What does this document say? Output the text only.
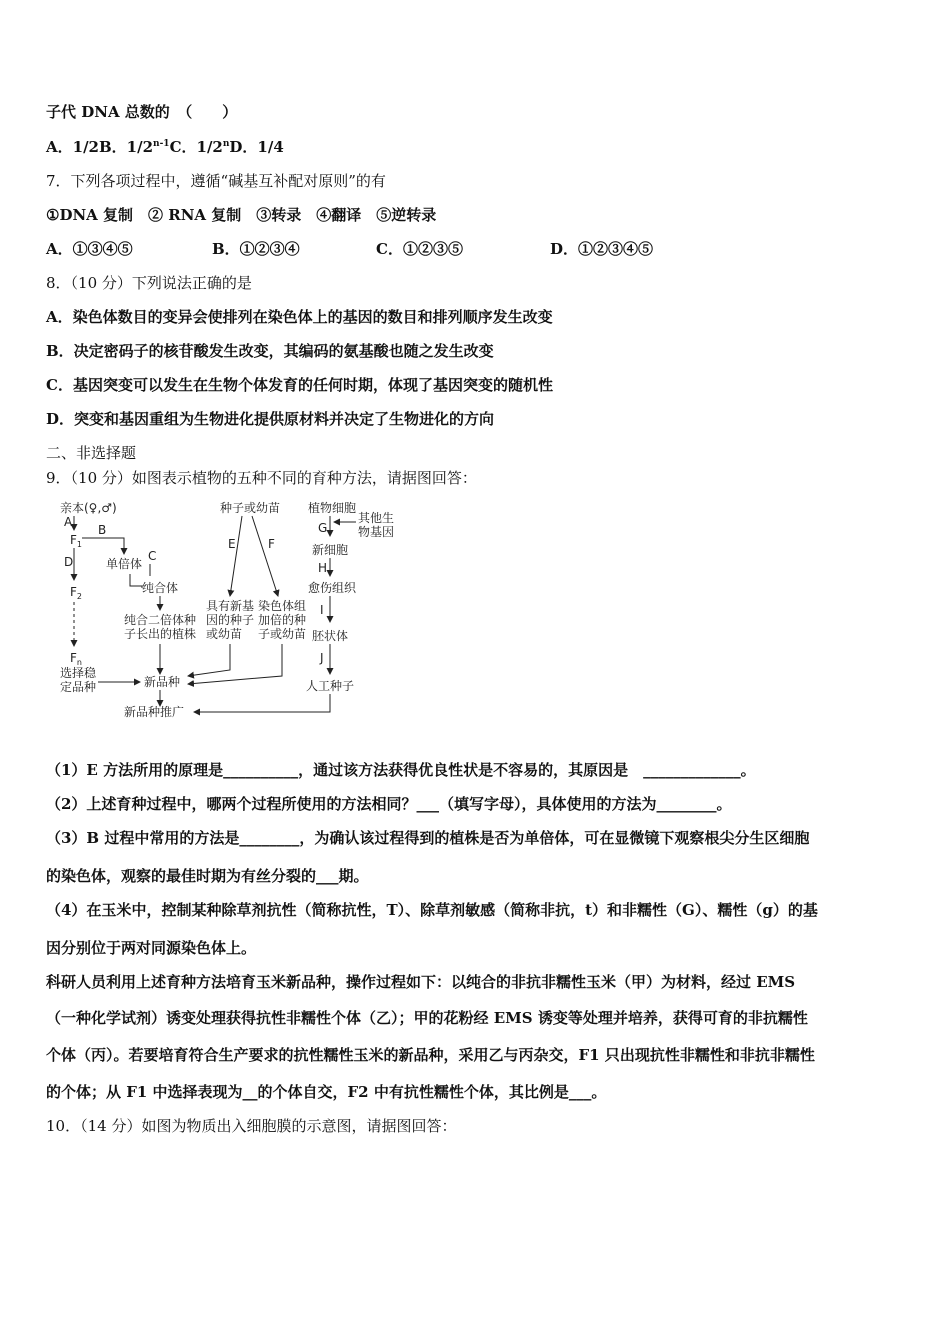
子代 DNA 总数的　（　　）
A．1/2B．1/2$^{n-1}$C．1/2$^n$D．1/4
7．下列各项过程中，遵循“碱基互补配对原则”的有
①DNA 复制　② RNA 复制　③转录　④翻译　⑤逆转录
A．①③④⑤	B．①②③④	C．①②③⑤	D．①②③④⑤
8．（10 分）下列说法正确的是
A．染色体数目的变异会使排列在染色体上的基因的数目和排列顺序发生改变
B．决定密码子的核苷酸发生改变，其编码的氨基酸也随之发生改变
C．基因突变可以发生在生物个体发育的任何时期，体现了基因突变的随机性
D．突变和基因重组为生物进化提供原材料并决定了生物进化的方向
二、非选择题
9．（10 分）如图表示植物的五种不同的育种方法，请据图回答：
亲本(♀,♂)
A
$F_1$
B
单倍体
C
纯合体
纯合二倍体种
子长出的植株
D
$F_2$
$F_n$
选择稳
定品种	新品种
新品种推广
种子或幼苗
E	F
具有新基
因的种子
或幼苗
染色体组
加倍的种
子或幼苗
植物细胞
G
其他生
物基因
新细胞
H
愈伤组织
I
胚状体
J
人工种子
（1）E 方法所用的原理是__________，通过该方法获得优良性状是不容易的，其原因是　_____________。
（2）上述育种过程中，哪两个过程所使用的方法相同？___（填写字母），具体使用的方法为________。
（3）B 过程中常用的方法是________，为确认该过程得到的植株是否为单倍体，可在显微镜下观察根尖分生区细胞
的染色体，观察的最佳时期为有丝分裂的___期。
（4）在玉米中，控制某种除草剂抗性（简称抗性，T）、除草剂敏感（简称非抗，t）和非糯性（G）、糯性（g）的基
因分别位于两对同源染色体上。
科研人员利用上述育种方法培育玉米新品种，操作过程如下：以纯合的非抗非糯性玉米（甲）为材料，经过 EMS
（一种化学试剂）诱变处理获得抗性非糯性个体（乙）；甲的花粉经 EMS 诱变等处理并培养，获得可育的非抗糯性
个体（丙）。若要培育符合生产要求的抗性糯性玉米的新品种，采用乙与丙杂交，F1 只出现抗性非糯性和非抗非糯性
的个体；从 F1 中选择表现为__的个体自交，F2 中有抗性糯性个体，其比例是___。
10．（14 分）如图为物质出入细胞膜的示意图，请据图回答：
